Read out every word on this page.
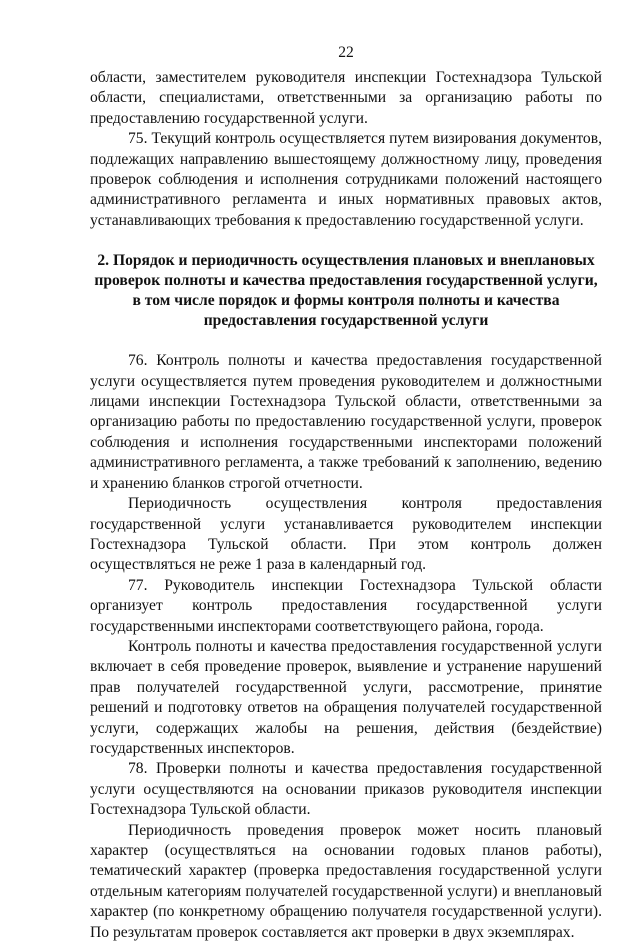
22

области, заместителем руководителя инспекции Гостехнадзора Тульской области, специалистами, ответственными за организацию работы по предоставлению государственной услуги.

75. Текущий контроль осуществляется путем визирования документов, подлежащих направлению вышестоящему должностному лицу, проведения проверок соблюдения и исполнения сотрудниками положений настоящего административного регламента и иных нормативных правовых актов, устанавливающих требования к предоставлению государственной услуги.

2. Порядок и периодичность осуществления плановых и внеплановых проверок полноты и качества предоставления государственной услуги, в том числе порядок и формы контроля полноты и качества предоставления государственной услуги

76. Контроль полноты и качества предоставления государственной услуги осуществляется путем проведения руководителем и должностными лицами инспекции Гостехнадзора Тульской области, ответственными за организацию работы по предоставлению государственной услуги, проверок соблюдения и исполнения государственными инспекторами положений административного регламента, а также требований к заполнению, ведению и хранению бланков строгой отчетности.

Периодичность осуществления контроля предоставления государственной услуги устанавливается руководителем инспекции Гостехнадзора Тульской области. При этом контроль должен осуществляться не реже 1 раза в календарный год.

77. Руководитель инспекции Гостехнадзора Тульской области организует контроль предоставления государственной услуги государственными инспекторами соответствующего района, города.

Контроль полноты и качества предоставления государственной услуги включает в себя проведение проверок, выявление и устранение нарушений прав получателей государственной услуги, рассмотрение, принятие решений и подготовку ответов на обращения получателей государственной услуги, содержащих жалобы на решения, действия (бездействие) государственных инспекторов.

78. Проверки полноты и качества предоставления государственной услуги осуществляются на основании приказов руководителя инспекции Гостехнадзора Тульской области.

Периодичность проведения проверок может носить плановый характер (осуществляться на основании годовых планов работы), тематический характер (проверка предоставления государственной услуги отдельным категориям получателей государственной услуги) и внеплановый характер (по конкретному обращению получателя государственной услуги). По результатам проверок составляется акт проверки в двух экземплярах.
